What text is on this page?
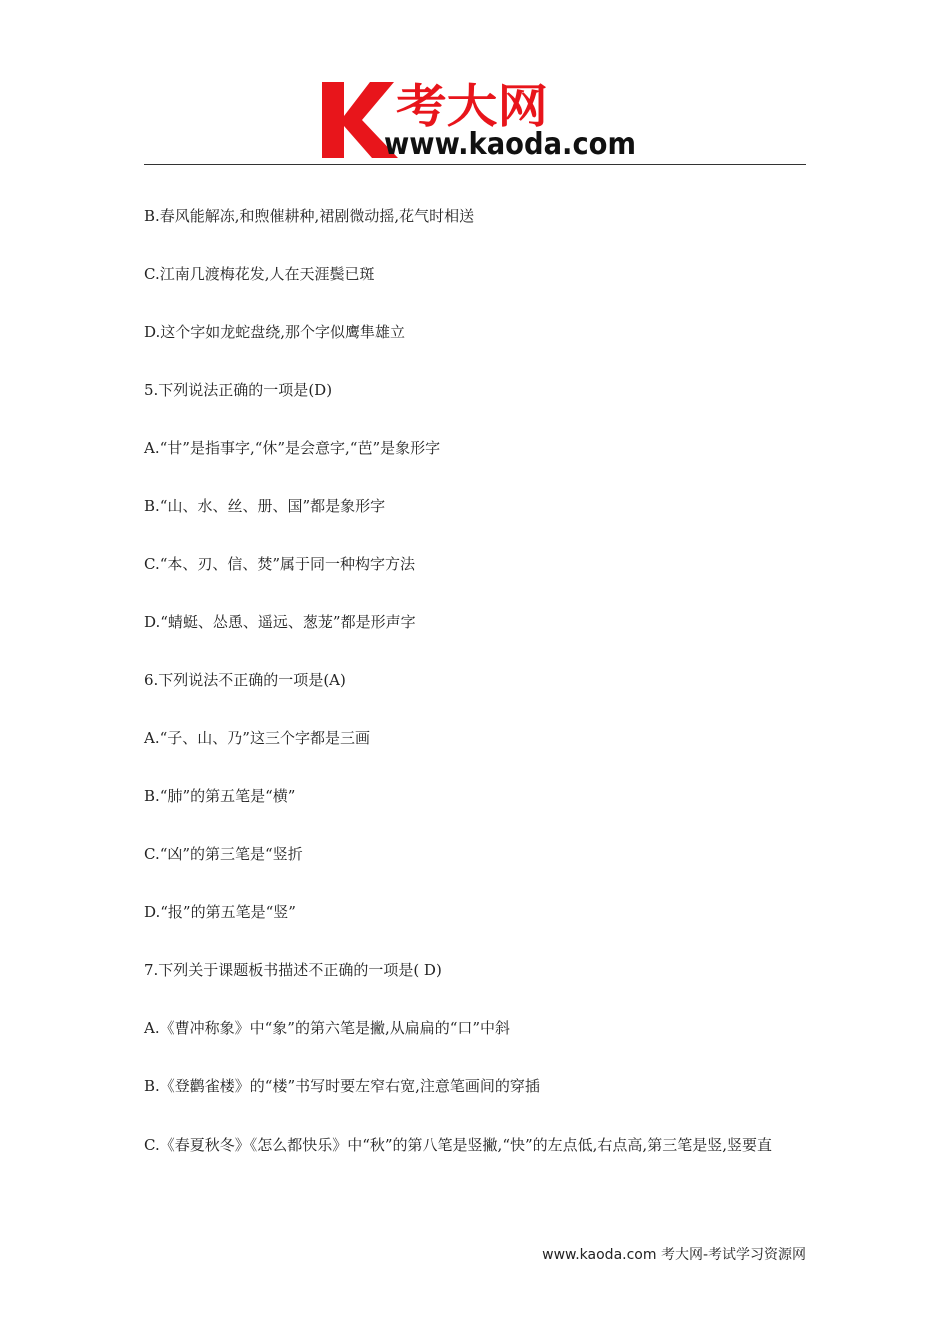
考大网
www.kaoda.com
B.春风能解冻,和煦催耕种,裙剧微动摇,花气时相送
C.江南几渡梅花发,人在天涯鬓已斑
D.这个字如龙蛇盘绕,那个字似鹰隼雄立
5.下列说法正确的一项是(D)
A.“甘”是指事字,“休”是会意字,“芭”是象形字
B.“山、水、丝、册、国”都是象形字
C.“本、刃、信、焚”属于同一种构字方法
D.“蜻蜓、怂恿、遥远、葱茏”都是形声字
6.下列说法不正确的一项是(A)
A.“子、山、乃”这三个字都是三画
B.“肺”的第五笔是“横”
C.“凶”的第三笔是“竖折
D.“报”的第五笔是“竖”
7.下列关于课题板书描述不正确的一项是( D)
A.《曹冲称象》中“象”的第六笔是撇,从扁扁的“口”中斜
B.《登鹳雀楼》的“楼”书写时要左窄右宽,注意笔画间的穿插
C.《春夏秋冬》《怎么都快乐》中“秋”的第八笔是竖撇,“快”的左点低,右点高,第三笔是竖,竖要直
www.kaoda.com 考大网-考试学习资源网
